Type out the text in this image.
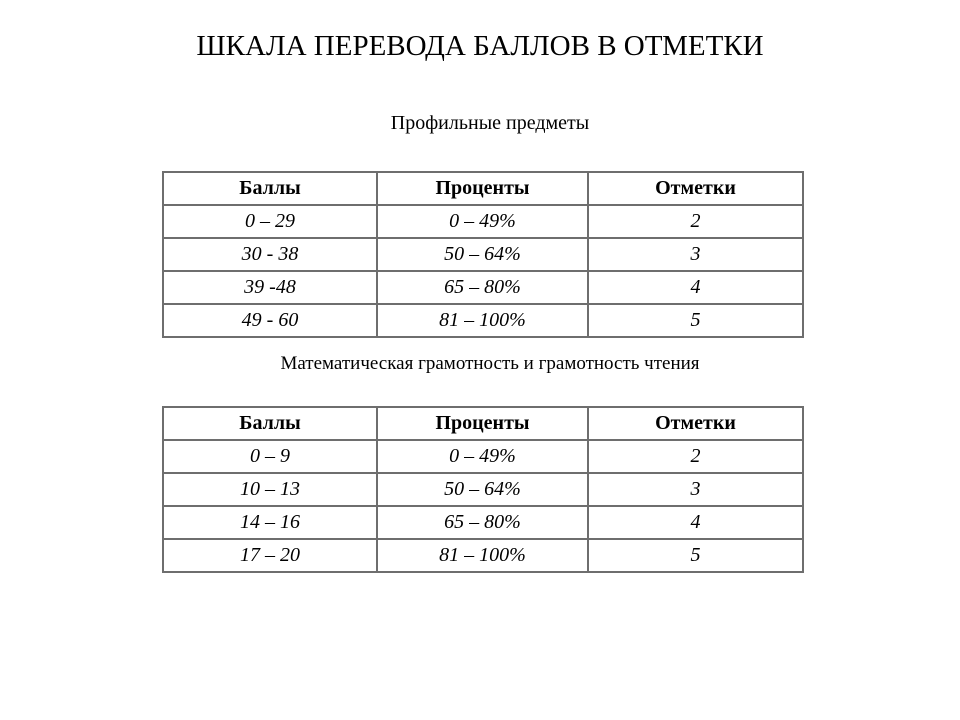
ШКАЛА ПЕРЕВОДА БАЛЛОВ В ОТМЕТКИ
Профильные предметы
Баллы	Проценты	Отметки
0 – 29	0 – 49%	2
30 - 38	50 – 64%	3
39 -48	65 – 80%	4
49 - 60	81 – 100%	5
Математическая грамотность и грамотность чтения
Баллы	Проценты	Отметки
0 – 9	0 – 49%	2
10 – 13	50 – 64%	3
14 – 16	65 – 80%	4
17 – 20	81 – 100%	5
